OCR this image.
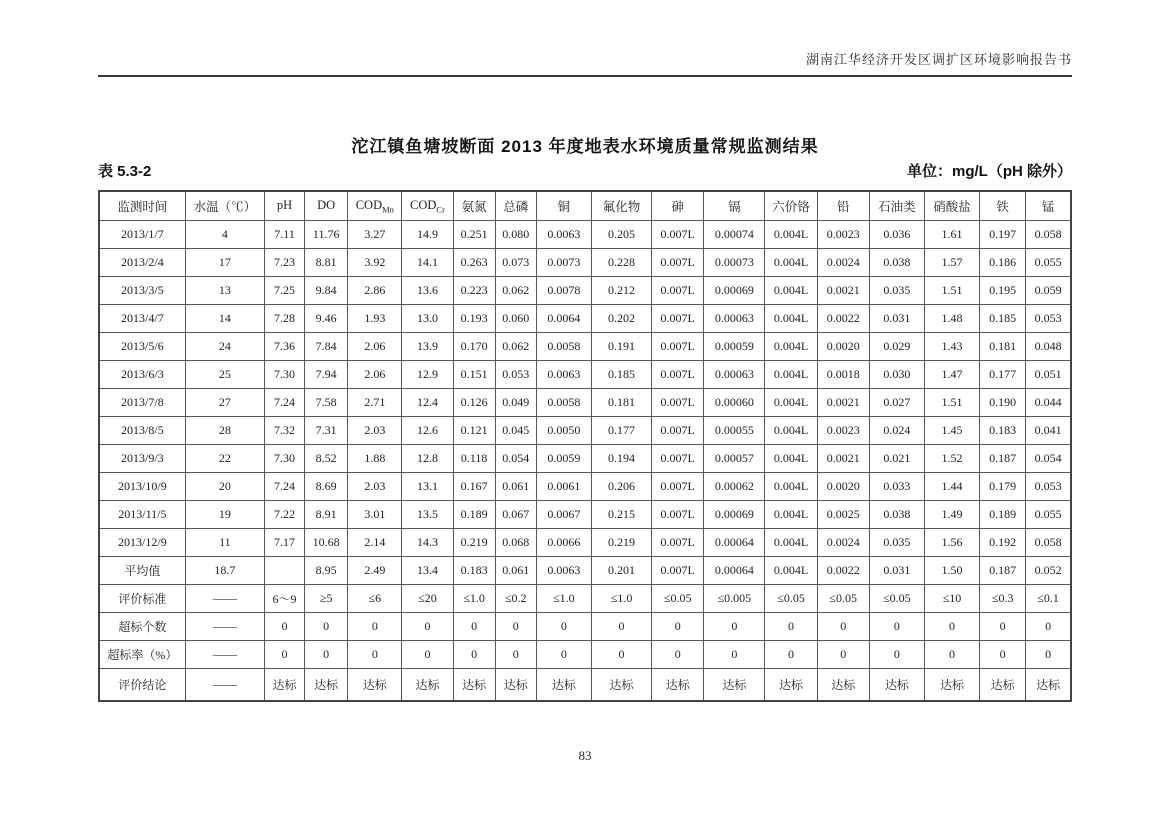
湖南江华经济开发区调扩区环境影响报告书
沱江镇鱼塘坡断面 2013 年度地表水环境质量常规监测结果
表 5.3-2	单位：mg/L（pH 除外）
监测时间	水温（℃）	pH	DO	$COD_{Mn}$	$COD_{Cr}$	氨氮	总磷	铜	氟化物	砷	镉	六价铬	铅	石油类	硝酸盐	铁	锰
2013/1/7	4	7.11	11.76	3.27	14.9	0.251	0.080	0.0063	0.205	0.007L	0.00074	0.004L	0.0023	0.036	1.61	0.197	0.058
2013/2/4	17	7.23	8.81	3.92	14.1	0.263	0.073	0.0073	0.228	0.007L	0.00073	0.004L	0.0024	0.038	1.57	0.186	0.055
2013/3/5	13	7.25	9.84	2.86	13.6	0.223	0.062	0.0078	0.212	0.007L	0.00069	0.004L	0.0021	0.035	1.51	0.195	0.059
2013/4/7	14	7.28	9.46	1.93	13.0	0.193	0.060	0.0064	0.202	0.007L	0.00063	0.004L	0.0022	0.031	1.48	0.185	0.053
2013/5/6	24	7.36	7.84	2.06	13.9	0.170	0.062	0.0058	0.191	0.007L	0.00059	0.004L	0.0020	0.029	1.43	0.181	0.048
2013/6/3	25	7.30	7.94	2.06	12.9	0.151	0.053	0.0063	0.185	0.007L	0.00063	0.004L	0.0018	0.030	1.47	0.177	0.051
2013/7/8	27	7.24	7.58	2.71	12.4	0.126	0.049	0.0058	0.181	0.007L	0.00060	0.004L	0.0021	0.027	1.51	0.190	0.044
2013/8/5	28	7.32	7.31	2.03	12.6	0.121	0.045	0.0050	0.177	0.007L	0.00055	0.004L	0.0023	0.024	1.45	0.183	0.041
2013/9/3	22	7.30	8.52	1.88	12.8	0.118	0.054	0.0059	0.194	0.007L	0.00057	0.004L	0.0021	0.021	1.52	0.187	0.054
2013/10/9	20	7.24	8.69	2.03	13.1	0.167	0.061	0.0061	0.206	0.007L	0.00062	0.004L	0.0020	0.033	1.44	0.179	0.053
2013/11/5	19	7.22	8.91	3.01	13.5	0.189	0.067	0.0067	0.215	0.007L	0.00069	0.004L	0.0025	0.038	1.49	0.189	0.055
2013/12/9	11	7.17	10.68	2.14	14.3	0.219	0.068	0.0066	0.219	0.007L	0.00064	0.004L	0.0024	0.035	1.56	0.192	0.058
平均值	18.7		8.95	2.49	13.4	0.183	0.061	0.0063	0.201	0.007L	0.00064	0.004L	0.0022	0.031	1.50	0.187	0.052
评价标准	——	6～9	≥5	≤6	≤20	≤1.0	≤0.2	≤1.0	≤1.0	≤0.05	≤0.005	≤0.05	≤0.05	≤0.05	≤10	≤0.3	≤0.1
超标个数	——	0	0	0	0	0	0	0	0	0	0	0	0	0	0	0	0
超标率（%）	——	0	0	0	0	0	0	0	0	0	0	0	0	0	0	0	0
评价结论	——	达标	达标	达标	达标	达标	达标	达标	达标	达标	达标	达标	达标	达标	达标	达标	达标
83
